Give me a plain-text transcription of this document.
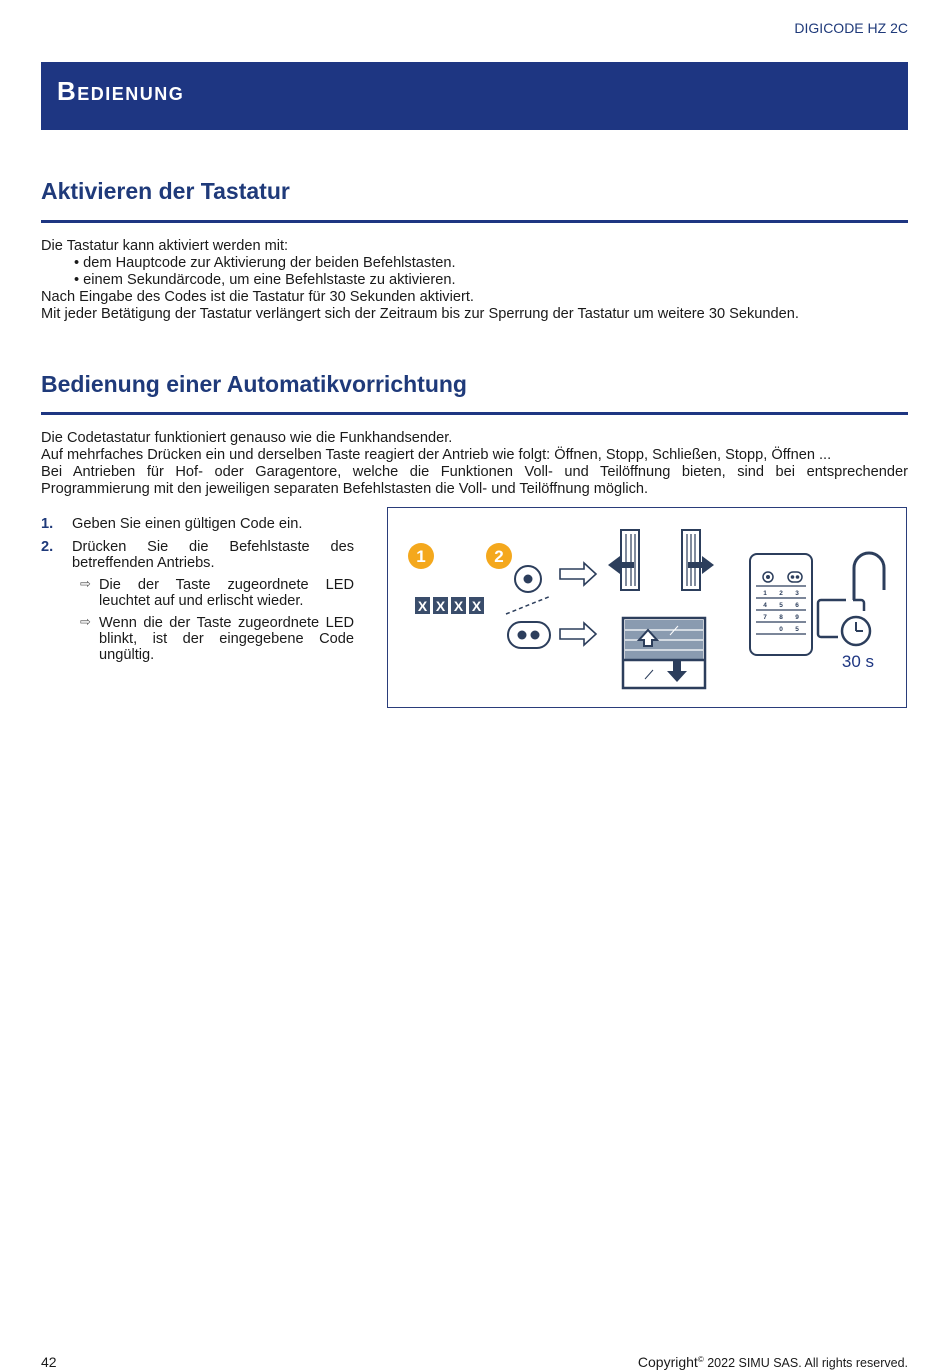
DIGICODE HZ 2C
Bedienung
Aktivieren der Tastatur

Die Tastatur kann aktiviert werden mit:

• dem Hauptcode zur Aktivierung der beiden Befehlstasten.

• einem Sekundärcode, um eine Befehlstaste zu aktivieren.

Nach Eingabe des Codes ist die Tastatur für 30 Sekunden aktiviert.

Mit jeder Betätigung der Tastatur verlängert sich der Zeitraum bis zur Sperrung der Tastatur um weitere 30 Sekunden.

Bedienung einer Automatikvorrichtung

Die Codetastatur funktioniert genauso wie die Funkhandsender.

Auf mehrfaches Drücken ein und derselben Taste reagiert der Antrieb wie folgt: Öffnen, Stopp, Schließen, Stopp, Öffnen ...

Bei Antrieben für Hof- oder Garagentore, welche die Funktionen Voll- und Teilöffnung bieten, sind bei entsprechender Programmierung mit den jeweiligen separaten Befehlstasten die Voll- und Teilöffnung möglich.

1. Geben Sie einen gültigen Code ein.
2. Drücken Sie die Befehlstaste des betreffenden Antriebs.
⇨ Die der Taste zugeordnete LED leuchtet auf und erlischt wieder.
⇨ Wenn die der Taste zugeordnete LED blinkt, ist der eingegebene Code ungültig.
1	2
X X X X
1 2 3
4 5 6
7 8 9
0 5
30 s
42	Copyright© 2022 SIMU SAS. All rights reserved.
